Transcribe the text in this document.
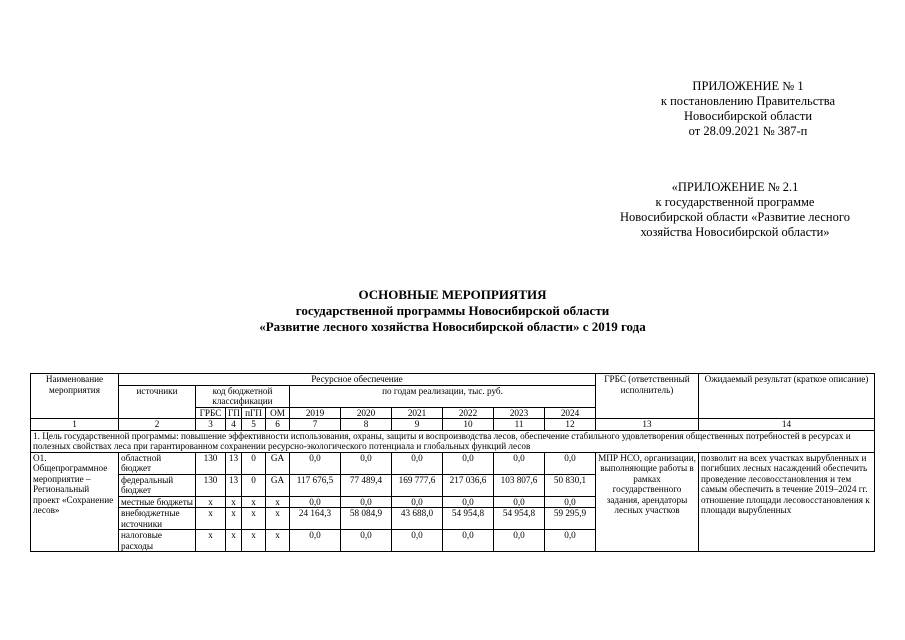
ПРИЛОЖЕНИЕ № 1
к постановлению Правительства
Новосибирской области
от 28.09.2021 № 387-п
«ПРИЛОЖЕНИЕ № 2.1
к государственной программе
Новосибирской области «Развитие лесного
хозяйства Новосибирской области»
ОСНОВНЫЕ МЕРОПРИЯТИЯ
государственной программы Новосибирской области
«Развитие лесного хозяйства Новосибирской области» с 2019 года
Наименование мероприятия	Ресурсное обеспечение											ГРБС (ответственный исполнитель)	Ожидаемый результат (краткое описание)
	источники	код бюджетной классификации				по годам реализации, тыс. руб.							
		ГРБС	ГП	пГП	ОМ	2019	2020	2021	2022	2023	2024		
1	2	3	4	5	6	7	8	9	10	11	12	13	14
1. Цель государственной программы: повышение эффективности использования, охраны, защиты и воспроизводства лесов, обеспечение стабильного удовлетворения общественных потребностей в ресурсах и полезных свойствах леса при гарантированном сохранении ресурсно-экологического потенциала и глобальных функций лесов													
О1. Общепрограммное мероприятие – Региональный проект «Сохранение лесов»	областной бюджет	130	13	0	GA	0,0	0,0	0,0	0,0	0,0	0,0	МПР НСО, организации, выполняющие работы в рамках государственного задания, арендаторы лесных участков	позволит на всех участках вырубленных и погибших лесных насаждений обеспечить проведение лесовосстановления и тем самым обеспечить в течение 2019–2024 гг. отношение площади лесовосстановления к площади вырубленных
	федеральный бюджет	130	13	0	GA	117 676,5	77 489,4	169 777,6	217 036,6	103 807,6	50 830,1		
	местные бюджеты	х	х	х	х	0,0	0,0	0,0	0,0	0,0	0,0		
	внебюджетные источники	х	х	х	х	24 164,3	58 084,9	43 688,0	54 954,8	54 954,8	59 295,9		
	налоговые расходы	х	х	х	х	0,0	0,0	0,0	0,0	0,0	0,0		
